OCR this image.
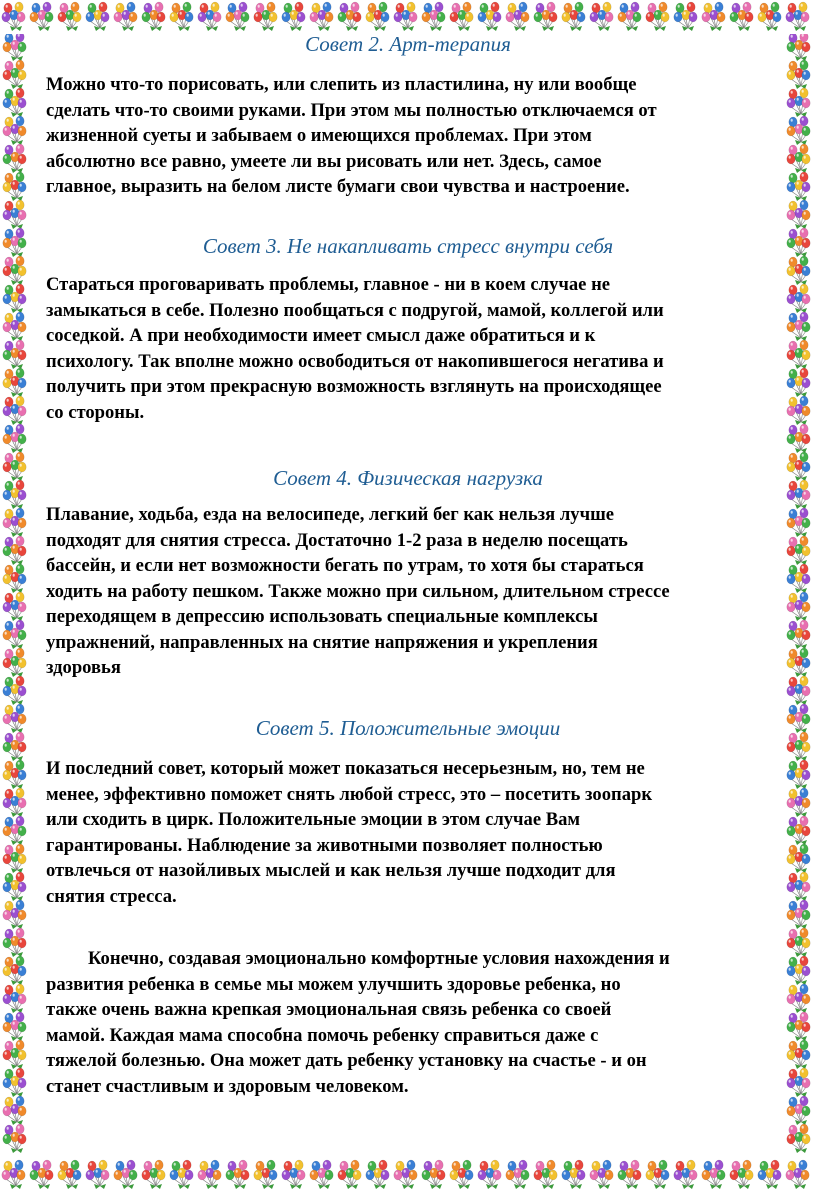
Совет 2. Арт-терапия

Можно что-то порисовать, или слепить из пластилина, ну или вообще

сделать что-то своими руками. При этом мы полностью отключаемся от

жизненной суеты и забываем о имеющихся проблемах. При этом

абсолютно все равно, умеете ли вы рисовать или нет. Здесь, самое

главное, выразить на белом листе бумаги свои чувства и настроение.

Совет 3. Не накапливать стресс внутри себя

Стараться проговаривать проблемы, главное - ни в коем случае не

замыкаться в себе. Полезно пообщаться с подругой, мамой, коллегой или

соседкой. А при необходимости имеет смысл даже обратиться и к

психологу. Так вполне можно освободиться от накопившегося негатива и

получить при этом прекрасную возможность взглянуть на происходящее

со стороны.

Совет 4. Физическая нагрузка

Плавание, ходьба, езда на велосипеде, легкий бег как нельзя лучше

подходят для снятия стресса. Достаточно 1-2 раза в неделю посещать

бассейн, и если нет возможности бегать по утрам, то хотя бы стараться

ходить на работу пешком. Также можно при сильном, длительном стрессе

переходящем в депрессию использовать специальные комплексы

упражнений, направленных на снятие напряжения и укрепления

здоровья

Совет 5. Положительные эмоции

И последний совет, который может показаться несерьезным, но, тем не

менее, эффективно поможет снять любой стресс, это – посетить зоопарк

или сходить в цирк. Положительные эмоции в этом случае Вам

гарантированы. Наблюдение за животными позволяет полностью

отвлечься от назойливых мыслей и как нельзя лучше подходит для

снятия стресса.

Конечно, создавая эмоционально комфортные условия нахождения и

развития ребенка в семье мы можем улучшить здоровье ребенка, но

также очень важна крепкая эмоциональная связь ребенка со своей

мамой. Каждая мама способна помочь ребенку справиться даже с

тяжелой болезнью. Она может дать ребенку установку на счастье - и он

станет счастливым и здоровым человеком.
